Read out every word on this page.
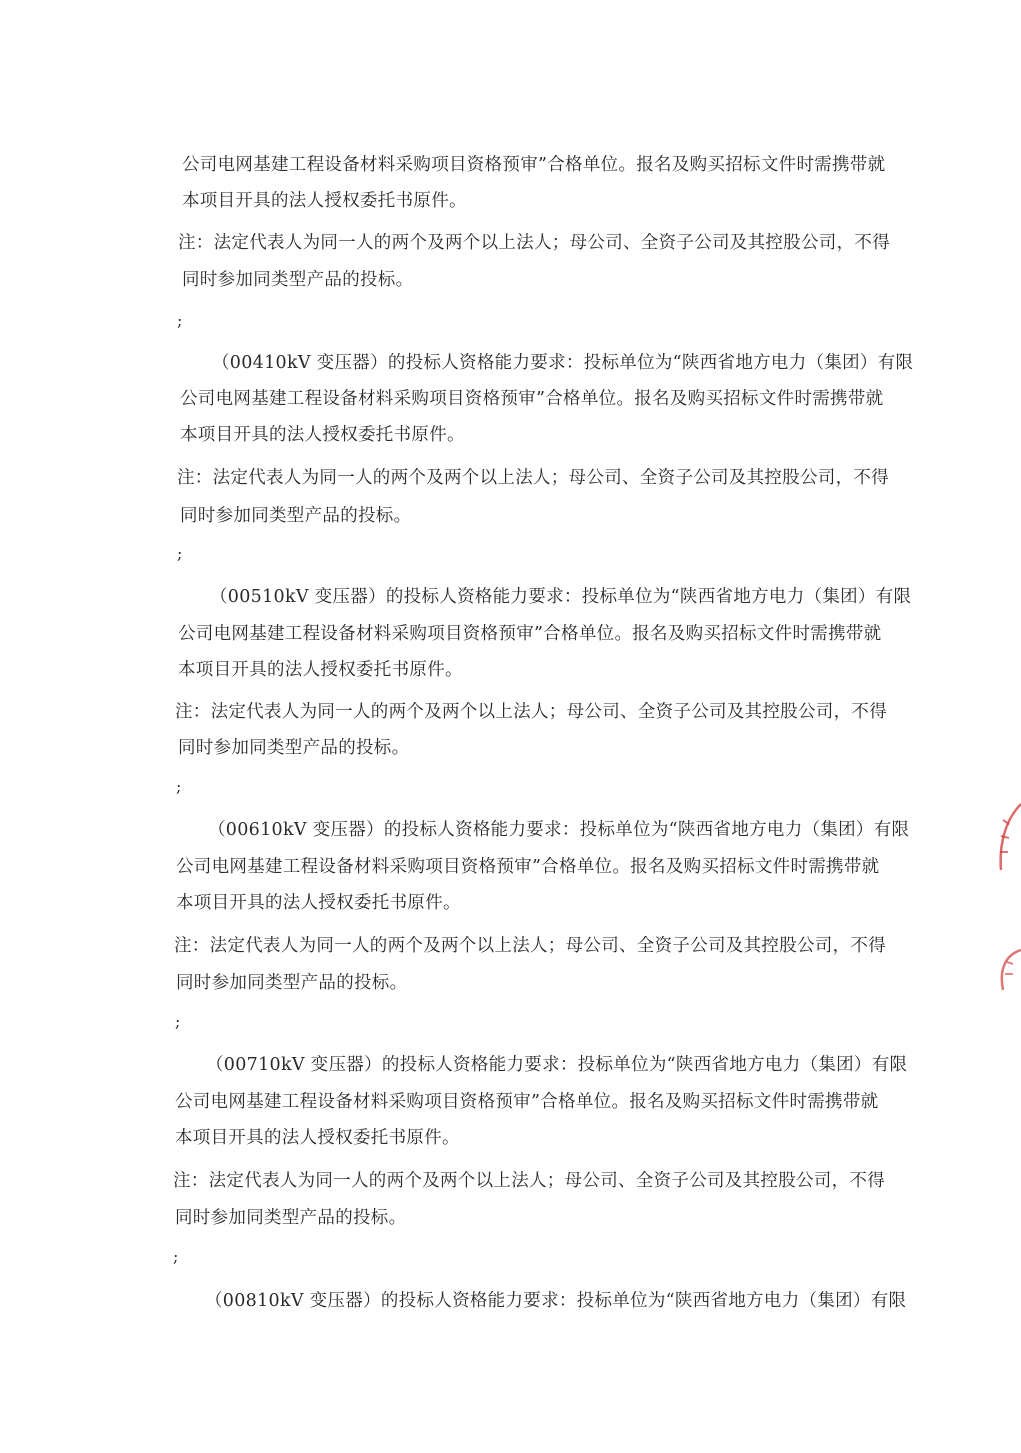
公司电网基建工程设备材料采购项目资格预审”合格单位。报名及购买招标文件时需携带就
本项目开具的法人授权委托书原件。
注：法定代表人为同一人的两个及两个以上法人；母公司、全资子公司及其控股公司，不得
同时参加同类型产品的投标。
;
（00410kV 变压器）的投标人资格能力要求：投标单位为“陕西省地方电力（集团）有限
公司电网基建工程设备材料采购项目资格预审”合格单位。报名及购买招标文件时需携带就
本项目开具的法人授权委托书原件。
注：法定代表人为同一人的两个及两个以上法人；母公司、全资子公司及其控股公司，不得
同时参加同类型产品的投标。
;
（00510kV 变压器）的投标人资格能力要求：投标单位为“陕西省地方电力（集团）有限
公司电网基建工程设备材料采购项目资格预审”合格单位。报名及购买招标文件时需携带就
本项目开具的法人授权委托书原件。
注：法定代表人为同一人的两个及两个以上法人；母公司、全资子公司及其控股公司，不得
同时参加同类型产品的投标。
;
（00610kV 变压器）的投标人资格能力要求：投标单位为“陕西省地方电力（集团）有限
公司电网基建工程设备材料采购项目资格预审”合格单位。报名及购买招标文件时需携带就
本项目开具的法人授权委托书原件。
注：法定代表人为同一人的两个及两个以上法人；母公司、全资子公司及其控股公司，不得
同时参加同类型产品的投标。
;
（00710kV 变压器）的投标人资格能力要求：投标单位为“陕西省地方电力（集团）有限
公司电网基建工程设备材料采购项目资格预审”合格单位。报名及购买招标文件时需携带就
本项目开具的法人授权委托书原件。
注：法定代表人为同一人的两个及两个以上法人；母公司、全资子公司及其控股公司，不得
同时参加同类型产品的投标。
;
（00810kV 变压器）的投标人资格能力要求：投标单位为“陕西省地方电力（集团）有限
